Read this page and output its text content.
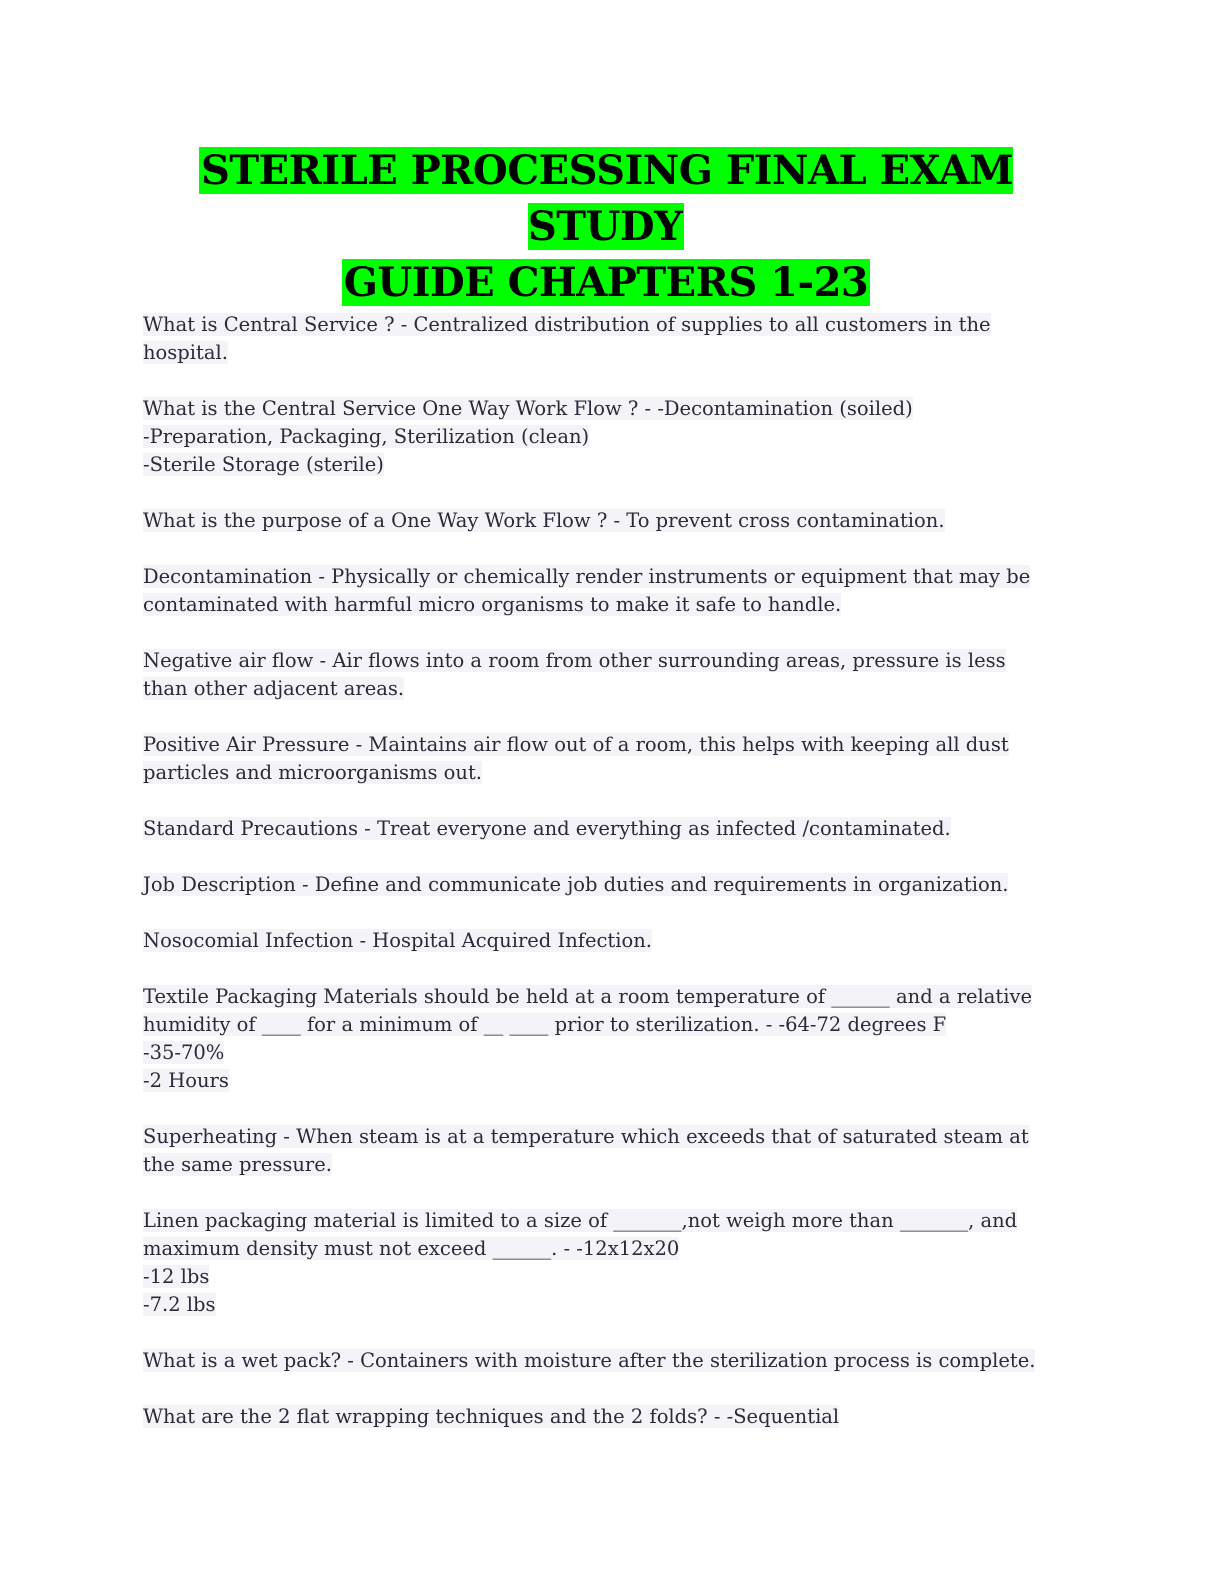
STERILE PROCESSING FINAL EXAM STUDY
GUIDE CHAPTERS 1-23
What is Central Service ? - Centralized distribution of supplies to all customers in the
hospital.
What is the Central Service One Way Work Flow ? - -Decontamination (soiled)
-Preparation, Packaging, Sterilization (clean)
-Sterile Storage (sterile)
What is the purpose of a One Way Work Flow ? - To prevent cross contamination.
Decontamination - Physically or chemically render instruments or equipment that may be
contaminated with harmful micro organisms to make it safe to handle.
Negative air flow - Air flows into a room from other surrounding areas, pressure is less
than other adjacent areas.
Positive Air Pressure - Maintains air flow out of a room, this helps with keeping all dust
particles and microorganisms out.
Standard Precautions - Treat everyone and everything as infected /contaminated.
Job Description - Define and communicate job duties and requirements in organization.
Nosocomial Infection - Hospital Acquired Infection.
Textile Packaging Materials should be held at a room temperature of ______ and a relative
humidity of ____ for a minimum of __ ____ prior to sterilization. - -64-72 degrees F
-35-70%
-2 Hours
Superheating - When steam is at a temperature which exceeds that of saturated steam at
the same pressure.
Linen packaging material is limited to a size of _______,not weigh more than _______, and
maximum density must not exceed ______. - -12x12x20
-12 lbs
-7.2 lbs
What is a wet pack? - Containers with moisture after the sterilization process is complete.
What are the 2 flat wrapping techniques and the 2 folds? - -Sequential
